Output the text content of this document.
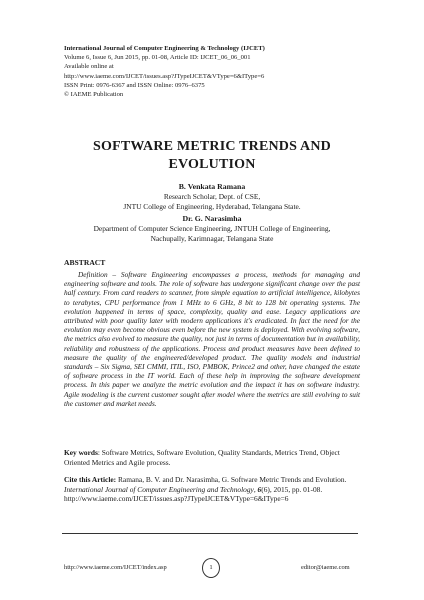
International Journal of Computer Engineering & Technology (IJCET)
Volume 6, Issue 6, Jun 2015, pp. 01-08, Article ID: IJCET_06_06_001
Available online at
http://www.iaeme.com/IJCET/issues.asp?JTypeIJCET&VType=6&IType=6
ISSN Print: 0976-6367 and ISSN Online: 0976–6375
© IAEME Publication
SOFTWARE METRIC TRENDS AND
EVOLUTION
B. Venkata Ramana
Research Scholar, Dept. of CSE,
JNTU College of Engineering, Hyderabad, Telangana State.
Dr. G. Narasimha
Department of Computer Science Engineering, JNTUH College of Engineering,
Nachupally, Karimnagar, Telangana State
ABSTRACT
Definition – Software Engineering encompasses a process, methods for managing and engineering software and tools. The role of software has undergone significant change over the past half century. From card readers to scanner, from simple equation to artificial intelligence, kilobytes to terabytes, CPU performance from 1 MHz to 6 GHz, 8 bit to 128 bit operating systems. The evolution happened in terms of space, complexity, quality and ease. Legacy applications are attributed with poor quality later with modern applications it's eradicated. In fact the need for the evolution may even become obvious even before the new system is deployed. With evolving software, the metrics also evolved to measure the quality, not just in terms of documentation but in availability, reliability and robustness of the applications. Process and product measures have been defined to measure the quality of the engineered/developed product. The quality models and industrial standards – Six Sigma, SEI CMMI, ITIL, ISO, PMBOK, Prince2 and other, have changed the estate of software process in the IT world. Each of these help in improving the software development process. In this paper we analyze the metric evolution and the impact it has on software industry. Agile modeling is the current customer sought after model where the metrics are still evolving to suit the customer and market needs.
Key words: Software Metrics, Software Evolution, Quality Standards, Metrics Trend, Object Oriented Metrics and Agile process.
Cite this Article: Ramana, B. V. and Dr. Narasimha, G. Software Metric Trends and Evolution. International Journal of Computer Engineering and Technology, 6(6), 2015, pp. 01-08. http://www.iaeme.com/IJCET/issues.asp?JTypeIJCET&VType=6&IType=6
http://www.iaeme.com/IJCET/index.asp	1	editor@iaeme.com
